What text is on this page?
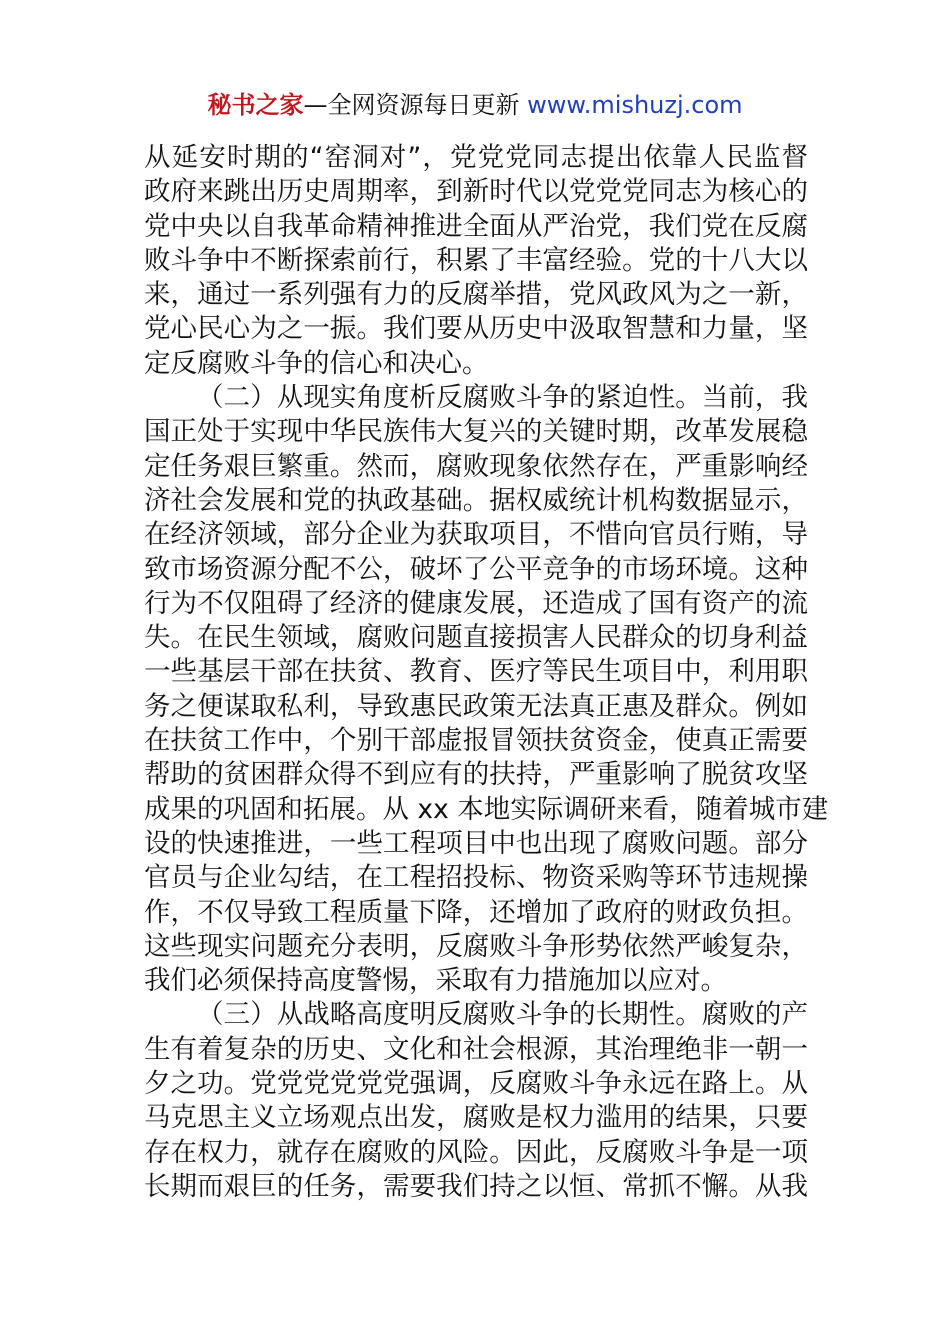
秘书之家—全网资源每日更新 www.mishuzj.com
从延安时期的“窑洞对”，党党党同志提出依靠人民监督
政府来跳出历史周期率，到新时代以党党党同志为核心的
党中央以自我革命精神推进全面从严治党，我们党在反腐
败斗争中不断探索前行，积累了丰富经验。党的十八大以
来，通过一系列强有力的反腐举措，党风政风为之一新，
党心民心为之一振。我们要从历史中汲取智慧和力量，坚
定反腐败斗争的信心和决心。
（二）从现实角度析反腐败斗争的紧迫性。当前，我
国正处于实现中华民族伟大复兴的关键时期，改革发展稳
定任务艰巨繁重。然而，腐败现象依然存在，严重影响经
济社会发展和党的执政基础。据权威统计机构数据显示，
在经济领域，部分企业为获取项目，不惜向官员行贿，导
致市场资源分配不公，破坏了公平竞争的市场环境。这种
行为不仅阻碍了经济的健康发展，还造成了国有资产的流
失。在民生领域，腐败问题直接损害人民群众的切身利益
一些基层干部在扶贫、教育、医疗等民生项目中，利用职
务之便谋取私利，导致惠民政策无法真正惠及群众。例如
在扶贫工作中，个别干部虚报冒领扶贫资金，使真正需要
帮助的贫困群众得不到应有的扶持，严重影响了脱贫攻坚
成果的巩固和拓展。从 xx 本地实际调研来看，随着城市建
设的快速推进，一些工程项目中也出现了腐败问题。部分
官员与企业勾结，在工程招投标、物资采购等环节违规操
作，不仅导致工程质量下降，还增加了政府的财政负担。
这些现实问题充分表明，反腐败斗争形势依然严峻复杂，
我们必须保持高度警惕，采取有力措施加以应对。
（三）从战略高度明反腐败斗争的长期性。腐败的产
生有着复杂的历史、文化和社会根源，其治理绝非一朝一
夕之功。党党党党党党强调，反腐败斗争永远在路上。从
马克思主义立场观点出发，腐败是权力滥用的结果，只要
存在权力，就存在腐败的风险。因此，反腐败斗争是一项
长期而艰巨的任务，需要我们持之以恒、常抓不懈。从我
